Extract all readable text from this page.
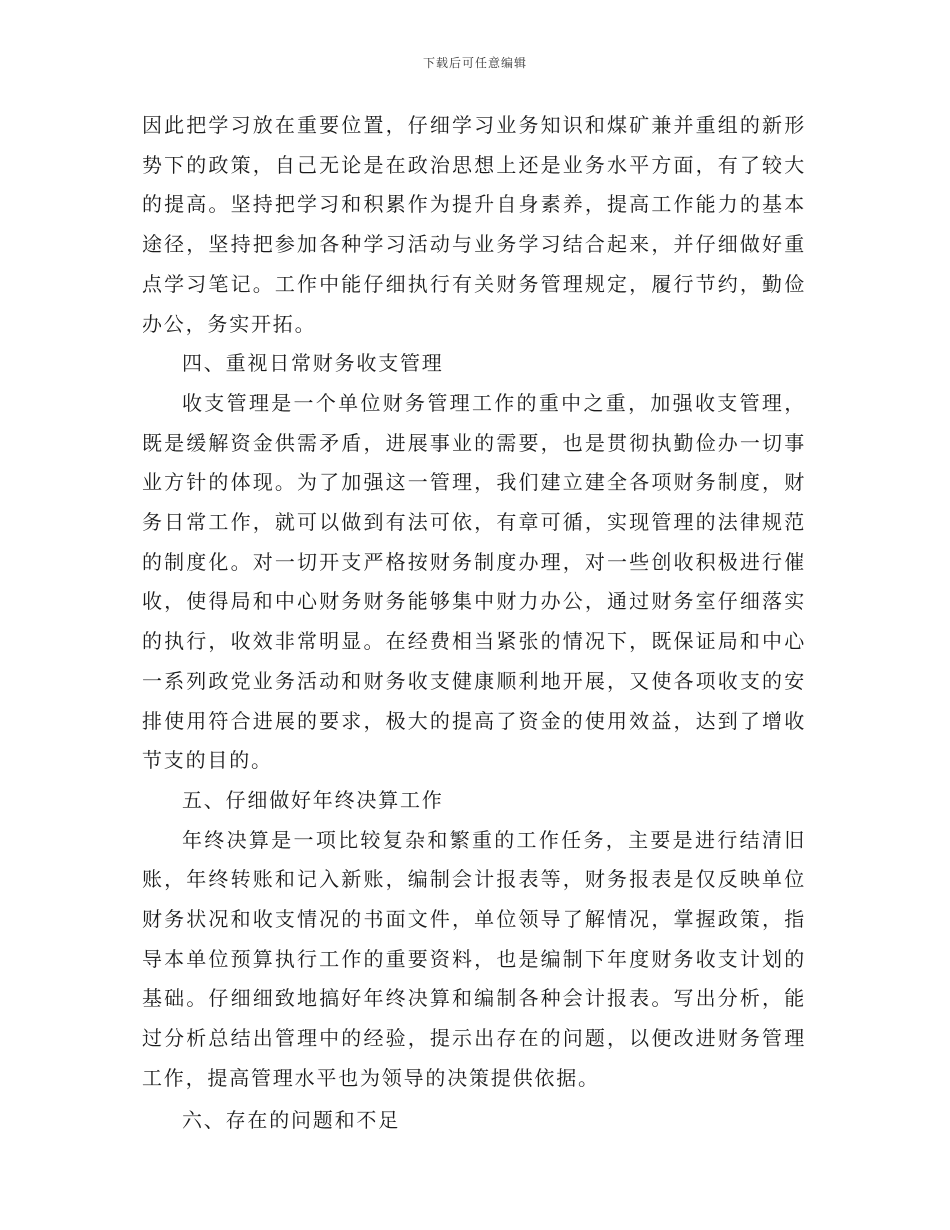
下载后可任意编辑

因此把学习放在重要位置，仔细学习业务知识和煤矿兼并重组的新形势下的政策，自己无论是在政治思想上还是业务水平方面，有了较大的提高。坚持把学习和积累作为提升自身素养，提高工作能力的基本途径，坚持把参加各种学习活动与业务学习结合起来，并仔细做好重点学习笔记。工作中能仔细执行有关财务管理规定，履行节约，勤俭办公，务实开拓。

四、重视日常财务收支管理

收支管理是一个单位财务管理工作的重中之重，加强收支管理，既是缓解资金供需矛盾，进展事业的需要，也是贯彻执勤俭办一切事业方针的体现。为了加强这一管理，我们建立建全各项财务制度，财务日常工作，就可以做到有法可依，有章可循，实现管理的法律规范的制度化。对一切开支严格按财务制度办理，对一些创收积极进行催收，使得局和中心财务财务能够集中财力办公，通过财务室仔细落实的执行，收效非常明显。在经费相当紧张的情况下，既保证局和中心一系列政党业务活动和财务收支健康顺利地开展，又使各项收支的安排使用符合进展的要求，极大的提高了资金的使用效益，达到了增收节支的目的。

五、仔细做好年终决算工作

年终决算是一项比较复杂和繁重的工作任务，主要是进行结清旧账，年终转账和记入新账，编制会计报表等，财务报表是仅反映单位财务状况和收支情况的书面文件，单位领导了解情况，掌握政策，指导本单位预算执行工作的重要资料，也是编制下年度财务收支计划的基础。仔细细致地搞好年终决算和编制各种会计报表。写出分析，能过分析总结出管理中的经验，提示出存在的问题，以便改进财务管理工作，提高管理水平也为领导的决策提供依据。

六、存在的问题和不足
